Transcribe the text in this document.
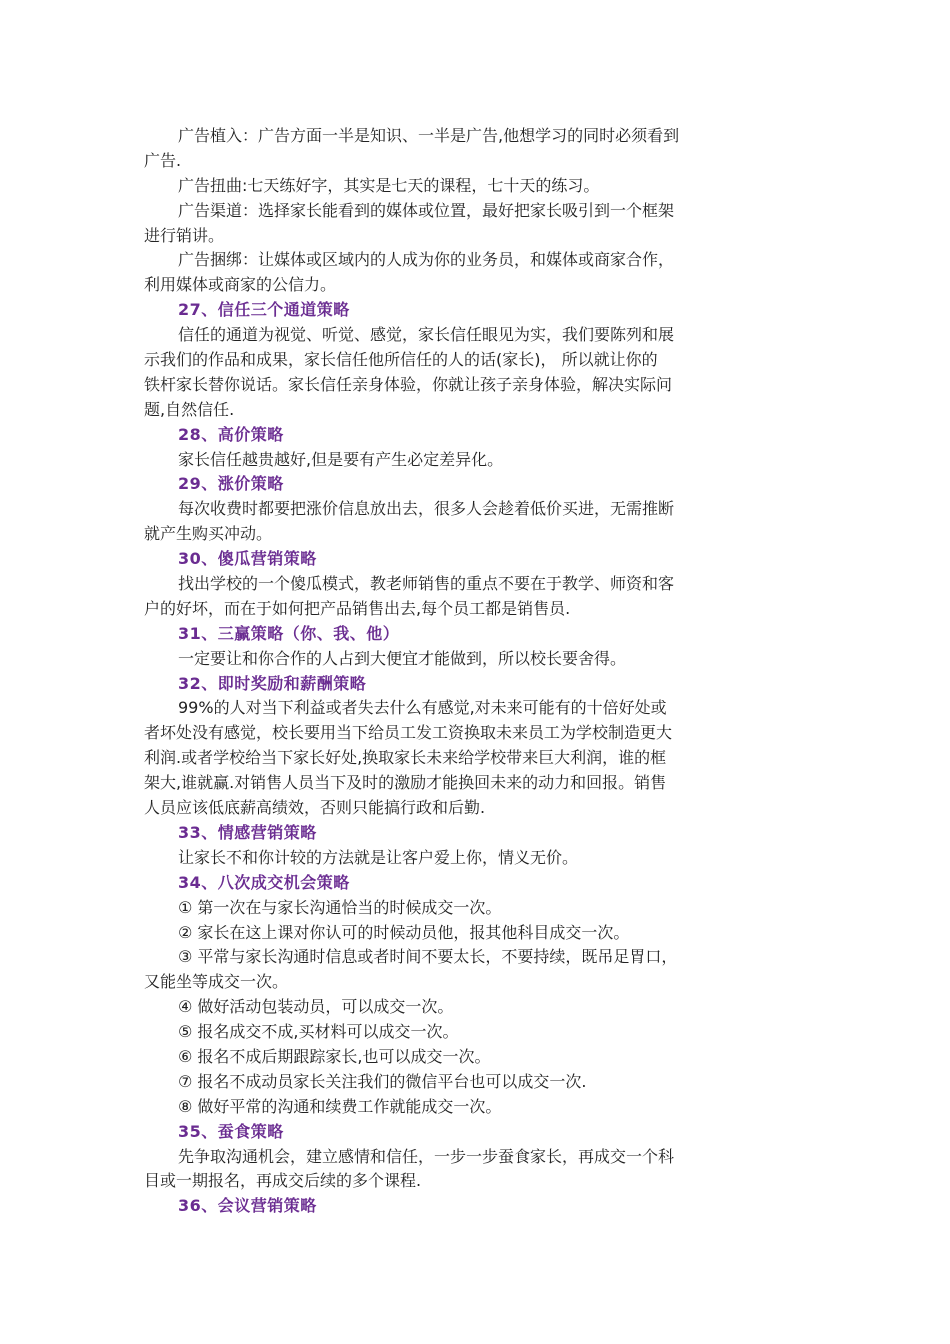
广告植入：广告方面一半是知识、一半是广告,他想学习的同时必须看到
广告.
广告扭曲:七天练好字，其实是七天的课程，七十天的练习。
广告渠道：选择家长能看到的媒体或位置，最好把家长吸引到一个框架
进行销讲。
广告捆绑：让媒体或区域内的人成为你的业务员，和媒体或商家合作，
利用媒体或商家的公信力。
27、信任三个通道策略
信任的通道为视觉、听觉、感觉，家长信任眼见为实，我们要陈列和展
示我们的作品和成果，家长信任他所信任的人的话(家长)， 所以就让你的
铁杆家长替你说话。家长信任亲身体验，你就让孩子亲身体验，解决实际问
题,自然信任.
28、高价策略
家长信任越贵越好,但是要有产生必定差异化。
29、涨价策略
每次收费时都要把涨价信息放出去，很多人会趁着低价买进，无需推断
就产生购买冲动。
30、傻瓜营销策略
找出学校的一个傻瓜模式，教老师销售的重点不要在于教学、师资和客
户的好坏，而在于如何把产品销售出去,每个员工都是销售员.
31、三赢策略（你、我、他）
一定要让和你合作的人占到大便宜才能做到，所以校长要舍得。
32、即时奖励和薪酬策略
99%的人对当下利益或者失去什么有感觉,对未来可能有的十倍好处或
者坏处没有感觉，校长要用当下给员工发工资换取未来员工为学校制造更大
利润.或者学校给当下家长好处,换取家长未来给学校带来巨大利润，谁的框
架大,谁就赢.对销售人员当下及时的激励才能换回未来的动力和回报。销售
人员应该低底薪高绩效，否则只能搞行政和后勤.
33、情感营销策略
让家长不和你计较的方法就是让客户爱上你，情义无价。
34、八次成交机会策略
① 第一次在与家长沟通恰当的时候成交一次。
② 家长在这上课对你认可的时候动员他，报其他科目成交一次。
③ 平常与家长沟通时信息或者时间不要太长，不要持续，既吊足胃口，
又能坐等成交一次。
④ 做好活动包装动员，可以成交一次。
⑤ 报名成交不成,买材料可以成交一次。
⑥ 报名不成后期跟踪家长,也可以成交一次。
⑦ 报名不成动员家长关注我们的微信平台也可以成交一次.
⑧ 做好平常的沟通和续费工作就能成交一次。
35、蚕食策略
先争取沟通机会，建立感情和信任，一步一步蚕食家长，再成交一个科
目或一期报名，再成交后续的多个课程.
36、会议营销策略
